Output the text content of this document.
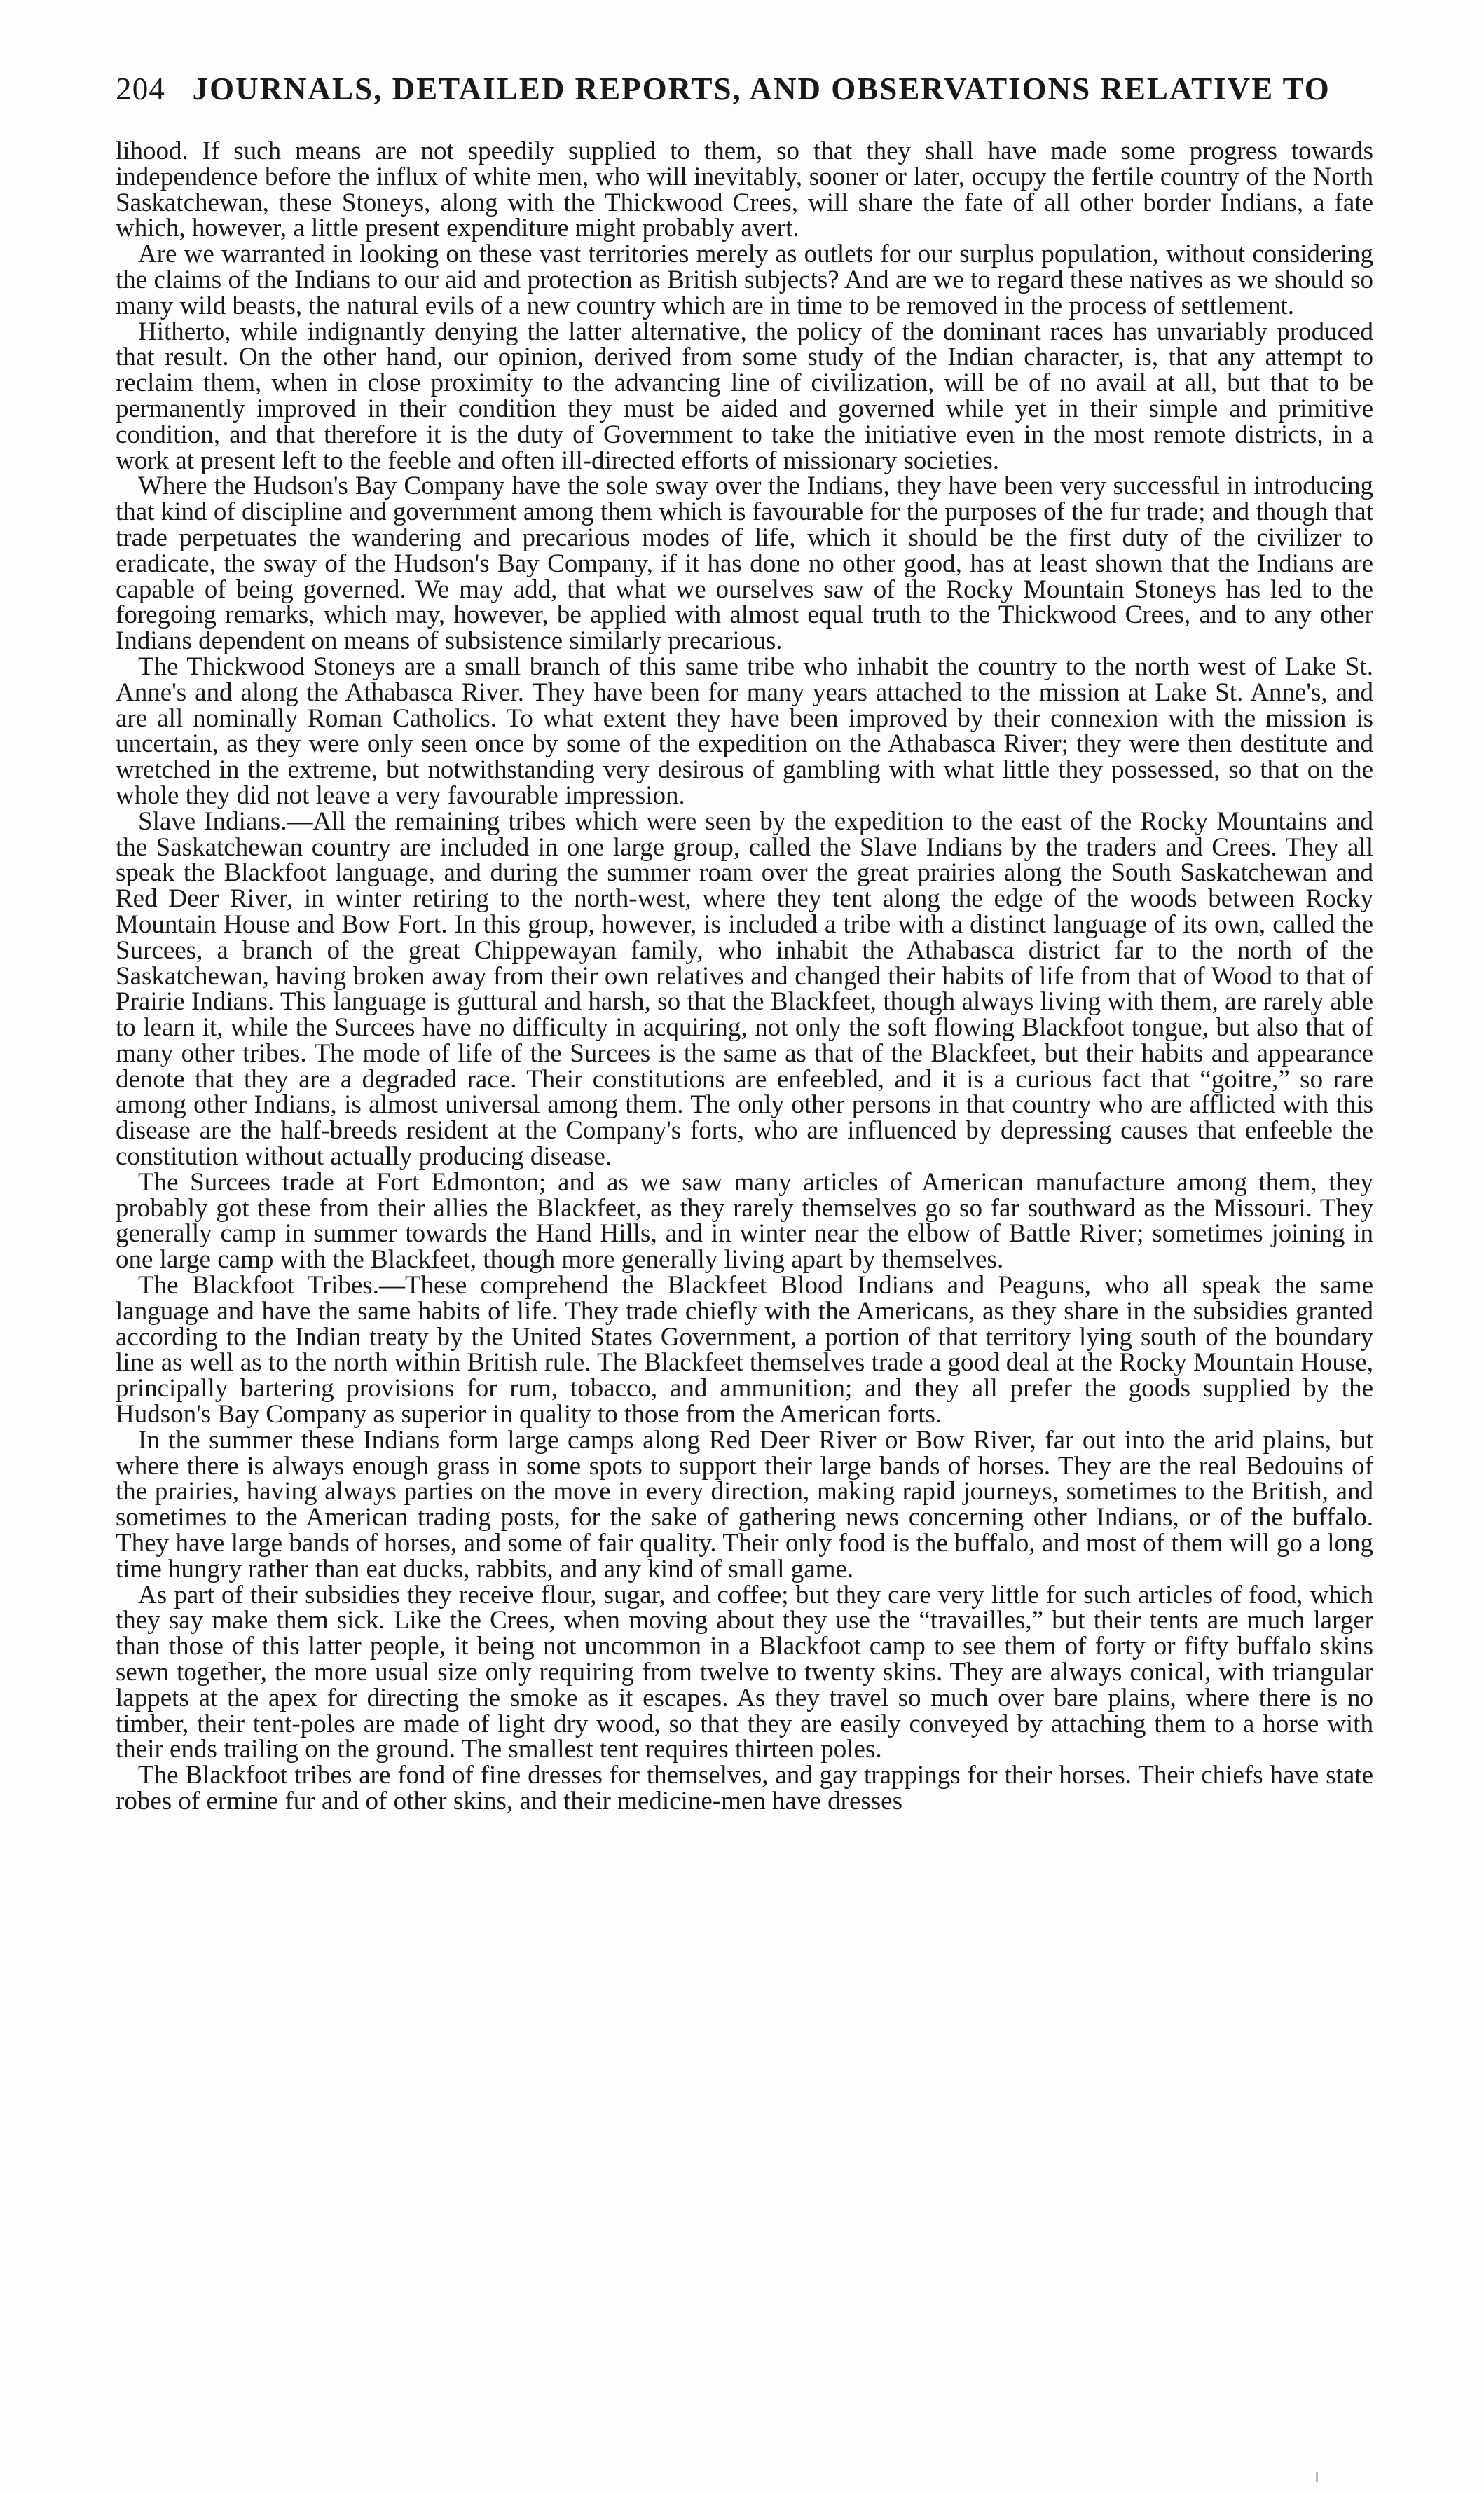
204 JOURNALS, DETAILED REPORTS, AND OBSERVATIONS RELATIVE TO

lihood. If such means are not speedily supplied to them, so that they shall have made some progress towards independence before the influx of white men, who will inevitably, sooner or later, occupy the fertile country of the North Saskatchewan, these Stoneys, along with the Thickwood Crees, will share the fate of all other border Indians, a fate which, however, a little present expenditure might probably avert.

Are we warranted in looking on these vast territories merely as outlets for our surplus population, without considering the claims of the Indians to our aid and protection as British subjects? And are we to regard these natives as we should so many wild beasts, the natural evils of a new country which are in time to be removed in the process of settlement.

Hitherto, while indignantly denying the latter alternative, the policy of the dominant races has unvariably produced that result. On the other hand, our opinion, derived from some study of the Indian character, is, that any attempt to reclaim them, when in close proximity to the advancing line of civilization, will be of no avail at all, but that to be permanently improved in their condition they must be aided and governed while yet in their simple and primitive condition, and that therefore it is the duty of Government to take the initiative even in the most remote districts, in a work at present left to the feeble and often ill-directed efforts of missionary societies.

Where the Hudson's Bay Company have the sole sway over the Indians, they have been very successful in introducing that kind of discipline and government among them which is favourable for the purposes of the fur trade; and though that trade perpetuates the wandering and precarious modes of life, which it should be the first duty of the civilizer to eradicate, the sway of the Hudson's Bay Company, if it has done no other good, has at least shown that the Indians are capable of being governed. We may add, that what we ourselves saw of the Rocky Mountain Stoneys has led to the foregoing remarks, which may, however, be applied with almost equal truth to the Thickwood Crees, and to any other Indians dependent on means of subsistence similarly precarious.

The Thickwood Stoneys are a small branch of this same tribe who inhabit the country to the north west of Lake St. Anne's and along the Athabasca River. They have been for many years attached to the mission at Lake St. Anne's, and are all nominally Roman Catholics. To what extent they have been improved by their connexion with the mission is uncertain, as they were only seen once by some of the expedition on the Athabasca River; they were then destitute and wretched in the extreme, but notwithstanding very desirous of gambling with what little they possessed, so that on the whole they did not leave a very favourable impression.

Slave Indians.—All the remaining tribes which were seen by the expedition to the east of the Rocky Mountains and the Saskatchewan country are included in one large group, called the Slave Indians by the traders and Crees. They all speak the Blackfoot language, and during the summer roam over the great prairies along the South Saskatchewan and Red Deer River, in winter retiring to the north-west, where they tent along the edge of the woods between Rocky Mountain House and Bow Fort. In this group, however, is included a tribe with a distinct language of its own, called the Surcees, a branch of the great Chippewayan family, who inhabit the Athabasca district far to the north of the Saskatchewan, having broken away from their own relatives and changed their habits of life from that of Wood to that of Prairie Indians. This language is guttural and harsh, so that the Blackfeet, though always living with them, are rarely able to learn it, while the Surcees have no difficulty in acquiring, not only the soft flowing Blackfoot tongue, but also that of many other tribes. The mode of life of the Surcees is the same as that of the Blackfeet, but their habits and appearance denote that they are a degraded race. Their constitutions are enfeebled, and it is a curious fact that “goitre,” so rare among other Indians, is almost universal among them. The only other persons in that country who are afflicted with this disease are the half-breeds resident at the Company's forts, who are influenced by depressing causes that enfeeble the constitution without actually producing disease.

The Surcees trade at Fort Edmonton; and as we saw many articles of American manufacture among them, they probably got these from their allies the Blackfeet, as they rarely themselves go so far southward as the Missouri. They generally camp in summer towards the Hand Hills, and in winter near the elbow of Battle River; sometimes joining in one large camp with the Blackfeet, though more generally living apart by themselves.

The Blackfoot Tribes.—These comprehend the Blackfeet Blood Indians and Peaguns, who all speak the same language and have the same habits of life. They trade chiefly with the Americans, as they share in the subsidies granted according to the Indian treaty by the United States Government, a portion of that territory lying south of the boundary line as well as to the north within British rule. The Blackfeet themselves trade a good deal at the Rocky Mountain House, principally bartering provisions for rum, tobacco, and ammunition; and they all prefer the goods supplied by the Hudson's Bay Company as superior in quality to those from the American forts.

In the summer these Indians form large camps along Red Deer River or Bow River, far out into the arid plains, but where there is always enough grass in some spots to support their large bands of horses. They are the real Bedouins of the prairies, having always parties on the move in every direction, making rapid journeys, sometimes to the British, and sometimes to the American trading posts, for the sake of gathering news concerning other Indians, or of the buffalo. They have large bands of horses, and some of fair quality. Their only food is the buffalo, and most of them will go a long time hungry rather than eat ducks, rabbits, and any kind of small game.

As part of their subsidies they receive flour, sugar, and coffee; but they care very little for such articles of food, which they say make them sick. Like the Crees, when moving about they use the “travailles,” but their tents are much larger than those of this latter people, it being not uncommon in a Blackfoot camp to see them of forty or fifty buffalo skins sewn together, the more usual size only requiring from twelve to twenty skins. They are always conical, with triangular lappets at the apex for directing the smoke as it escapes. As they travel so much over bare plains, where there is no timber, their tent-poles are made of light dry wood, so that they are easily conveyed by attaching them to a horse with their ends trailing on the ground. The smallest tent requires thirteen poles.

The Blackfoot tribes are fond of fine dresses for themselves, and gay trappings for their horses. Their chiefs have state robes of ermine fur and of other skins, and their medicine-men have dresses
